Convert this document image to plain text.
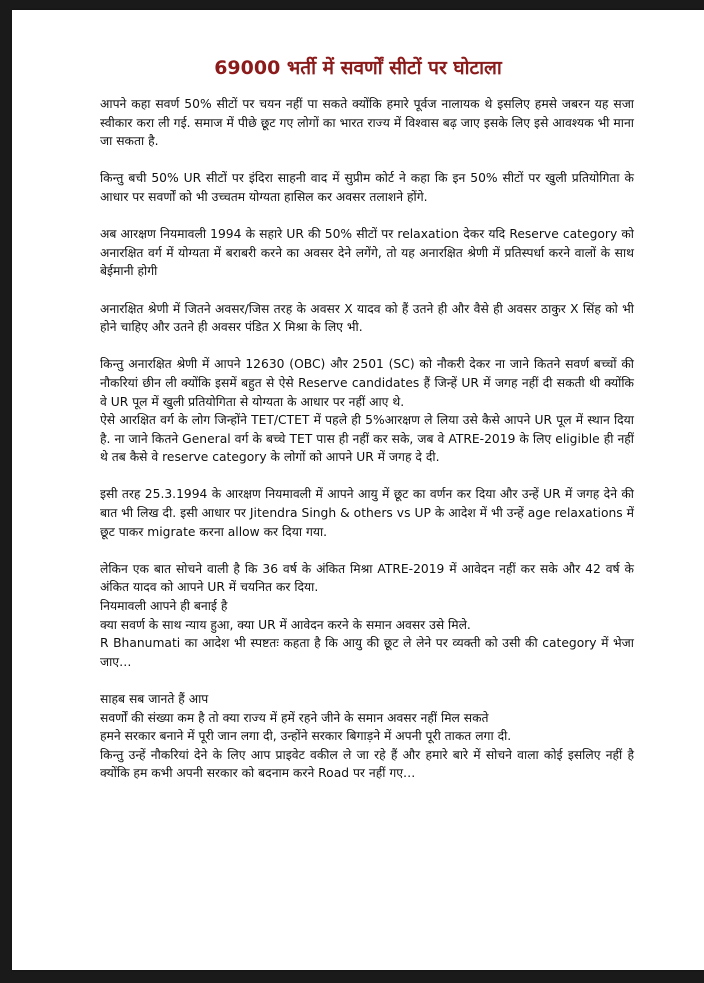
69000 भर्ती में सवर्णों सीटों पर घोटाला

आपने कहा सवर्ण 50% सीटों पर चयन नहीं पा सकते क्योंकि हमारे पूर्वज नालायक थे इसलिए हमसे जबरन यह सजा स्वीकार करा ली गई. समाज में पीछे छूट गए लोगों का भारत राज्य में विश्वास बढ़ जाए इसके लिए इसे आवश्यक भी माना जा सकता है.

किन्तु बची 50% UR सीटों पर इंदिरा साहनी वाद में सुप्रीम कोर्ट ने कहा कि इन 50% सीटों पर खुली प्रतियोगिता के आधार पर सवर्णों को भी उच्चतम योग्यता हासिल कर अवसर तलाशने होंगे.

अब आरक्षण नियमावली 1994 के सहारे UR की 50% सीटों पर relaxation देकर यदि Reserve category को अनारक्षित वर्ग में योग्यता में बराबरी करने का अवसर देने लगेंगे, तो यह अनारक्षित श्रेणी में प्रतिस्पर्धा करने वालों के साथ बेईमानी होगी

अनारक्षित श्रेणी में जितने अवसर/जिस तरह के अवसर X यादव को हैं उतने ही और वैसे ही अवसर ठाकुर X सिंह को भी होने चाहिए और उतने ही अवसर पंडित X मिश्रा के लिए भी.

किन्तु अनारक्षित श्रेणी में आपने 12630 (OBC) और 2501 (SC) को नौकरी देकर ना जाने कितने सवर्ण बच्चों की नौकरियां छीन ली क्योंकि इसमें बहुत से ऐसे Reserve candidates हैं जिन्हें UR में जगह नहीं दी सकती थी क्योंकि वे UR पूल में खुली प्रतियोगिता से योग्यता के आधार पर नहीं आए थे.

ऐसे आरक्षित वर्ग के लोग जिन्होंने TET/CTET में पहले ही 5%आरक्षण ले लिया उसे कैसे आपने UR पूल में स्थान दिया है. ना जाने कितने General वर्ग के बच्चे TET पास ही नहीं कर सके, जब वे ATRE-2019 के लिए eligible ही नहीं थे तब कैसे वे reserve category के लोगों को आपने UR में जगह दे दी.

इसी तरह 25.3.1994 के आरक्षण नियमावली में आपने आयु में छूट का वर्णन कर दिया और उन्हें UR में जगह देने की बात भी लिख दी. इसी आधार पर Jitendra Singh & others vs UP के आदेश में भी उन्हें age relaxations में छूट पाकर migrate करना allow कर दिया गया.

लेकिन एक बात सोचने वाली है कि 36 वर्ष के अंकित मिश्रा ATRE-2019 में आवेदन नहीं कर सके और 42 वर्ष के अंकित यादव को आपने UR में चयनित कर दिया.

नियमावली आपने ही बनाई है

क्या सवर्ण के साथ न्याय हुआ, क्या UR में आवेदन करने के समान अवसर उसे मिले.

R Bhanumati का आदेश भी स्पष्टतः कहता है कि आयु की छूट ले लेने पर व्यक्ती को उसी की category में भेजा जाए…

साहब सब जानते हैं आप

सवर्णों की संख्या कम है तो क्या राज्य में हमें रहने जीने के समान अवसर नहीं मिल सकते

हमने सरकार बनाने में पूरी जान लगा दी, उन्होंने सरकार बिगाड़ने में अपनी पूरी ताकत लगा दी.

किन्तु उन्हें नौकरियां देने के लिए आप प्राइवेट वकील ले जा रहे हैं और हमारे बारे में सोचने वाला कोई इसलिए नहीं है क्योंकि हम कभी अपनी सरकार को बदनाम करने Road पर नहीं गए…
